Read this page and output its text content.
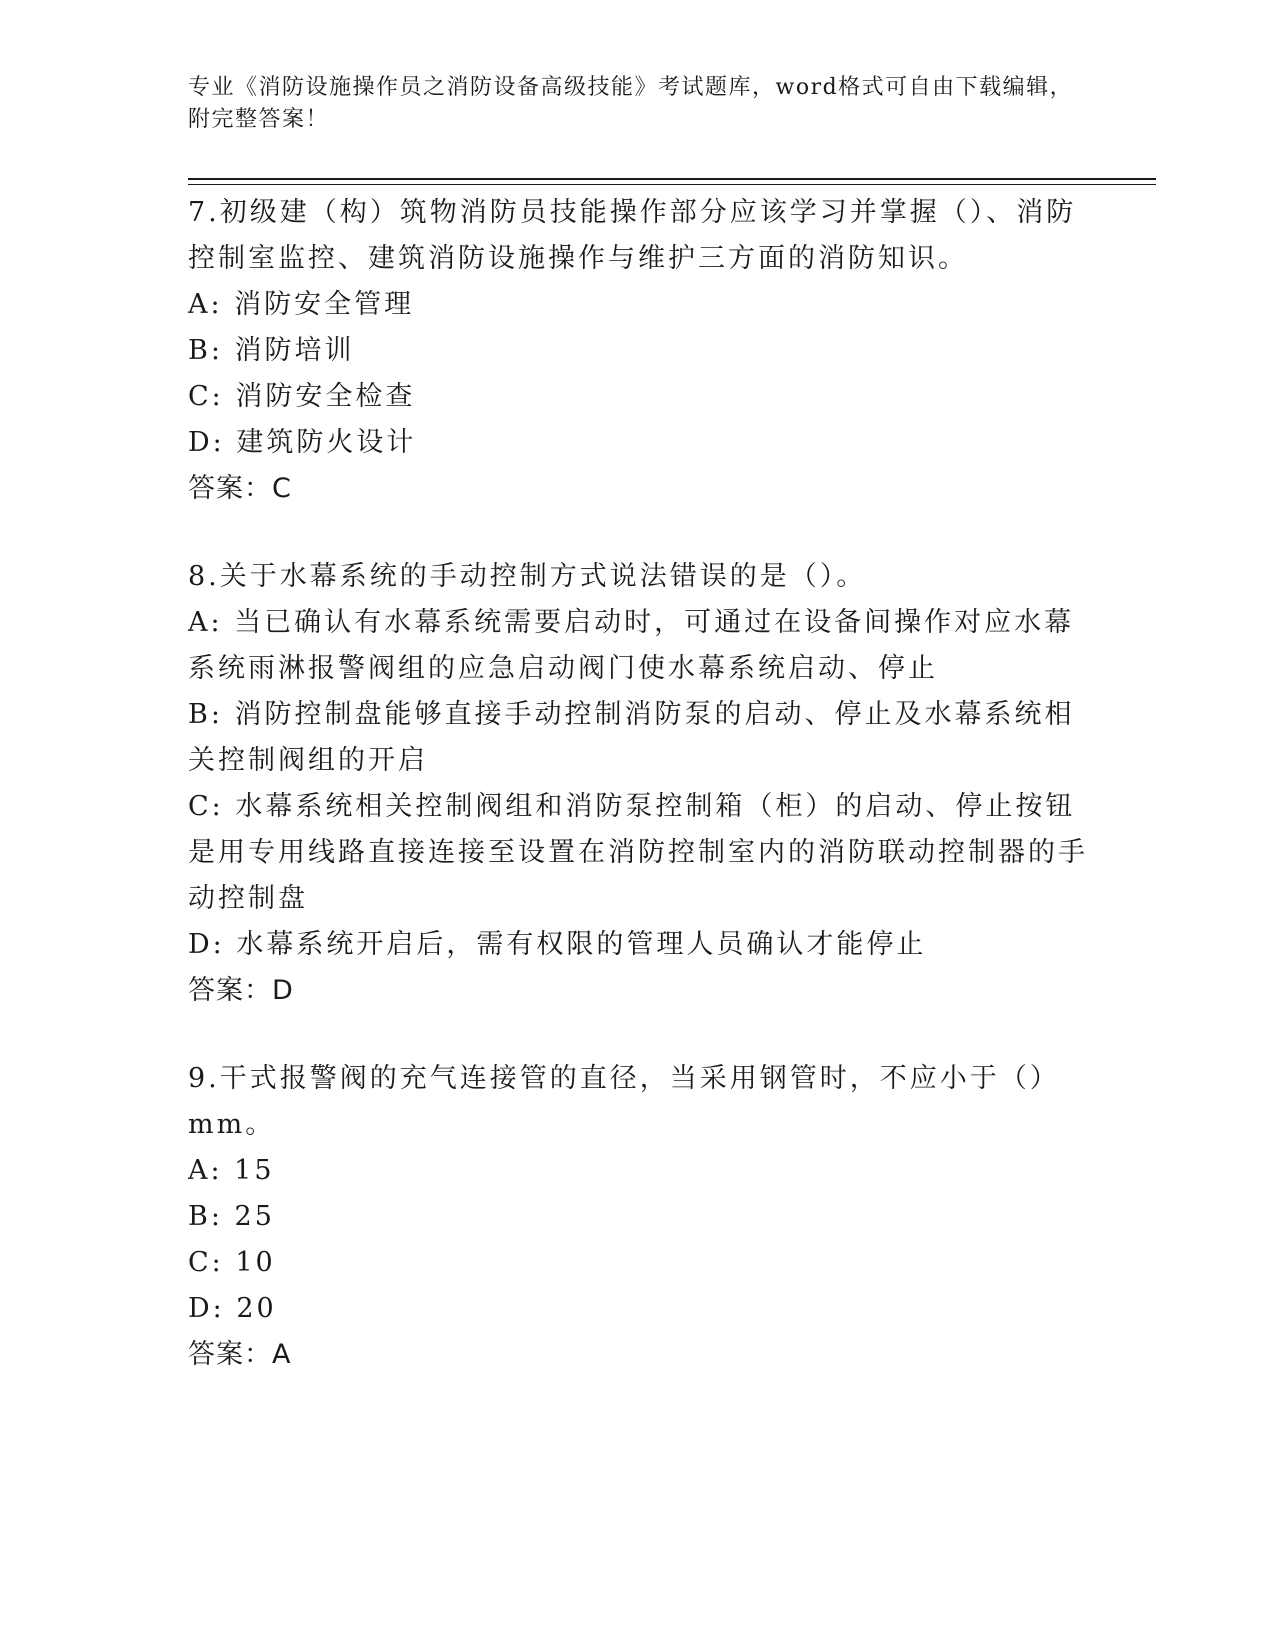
专业《消防设施操作员之消防设备高级技能》考试题库，word格式可自由下载编辑，附完整答案！

7.初级建（构）筑物消防员技能操作部分应该学习并掌握（）、消防控制室监控、建筑消防设施操作与维护三方面的消防知识。

A: 消防安全管理

B: 消防培训

C: 消防安全检查

D: 建筑防火设计

答案：C

8.关于水幕系统的手动控制方式说法错误的是（）。

A: 当已确认有水幕系统需要启动时，可通过在设备间操作对应水幕系统雨淋报警阀组的应急启动阀门使水幕系统启动、停止

B: 消防控制盘能够直接手动控制消防泵的启动、停止及水幕系统相关控制阀组的开启

C: 水幕系统相关控制阀组和消防泵控制箱（柜）的启动、停止按钮是用专用线路直接连接至设置在消防控制室内的消防联动控制器的手动控制盘

D: 水幕系统开启后，需有权限的管理人员确认才能停止

答案：D

9.干式报警阀的充气连接管的直径，当采用钢管时，不应小于（）mm。

A: 15

B: 25

C: 10

D: 20

答案：A
